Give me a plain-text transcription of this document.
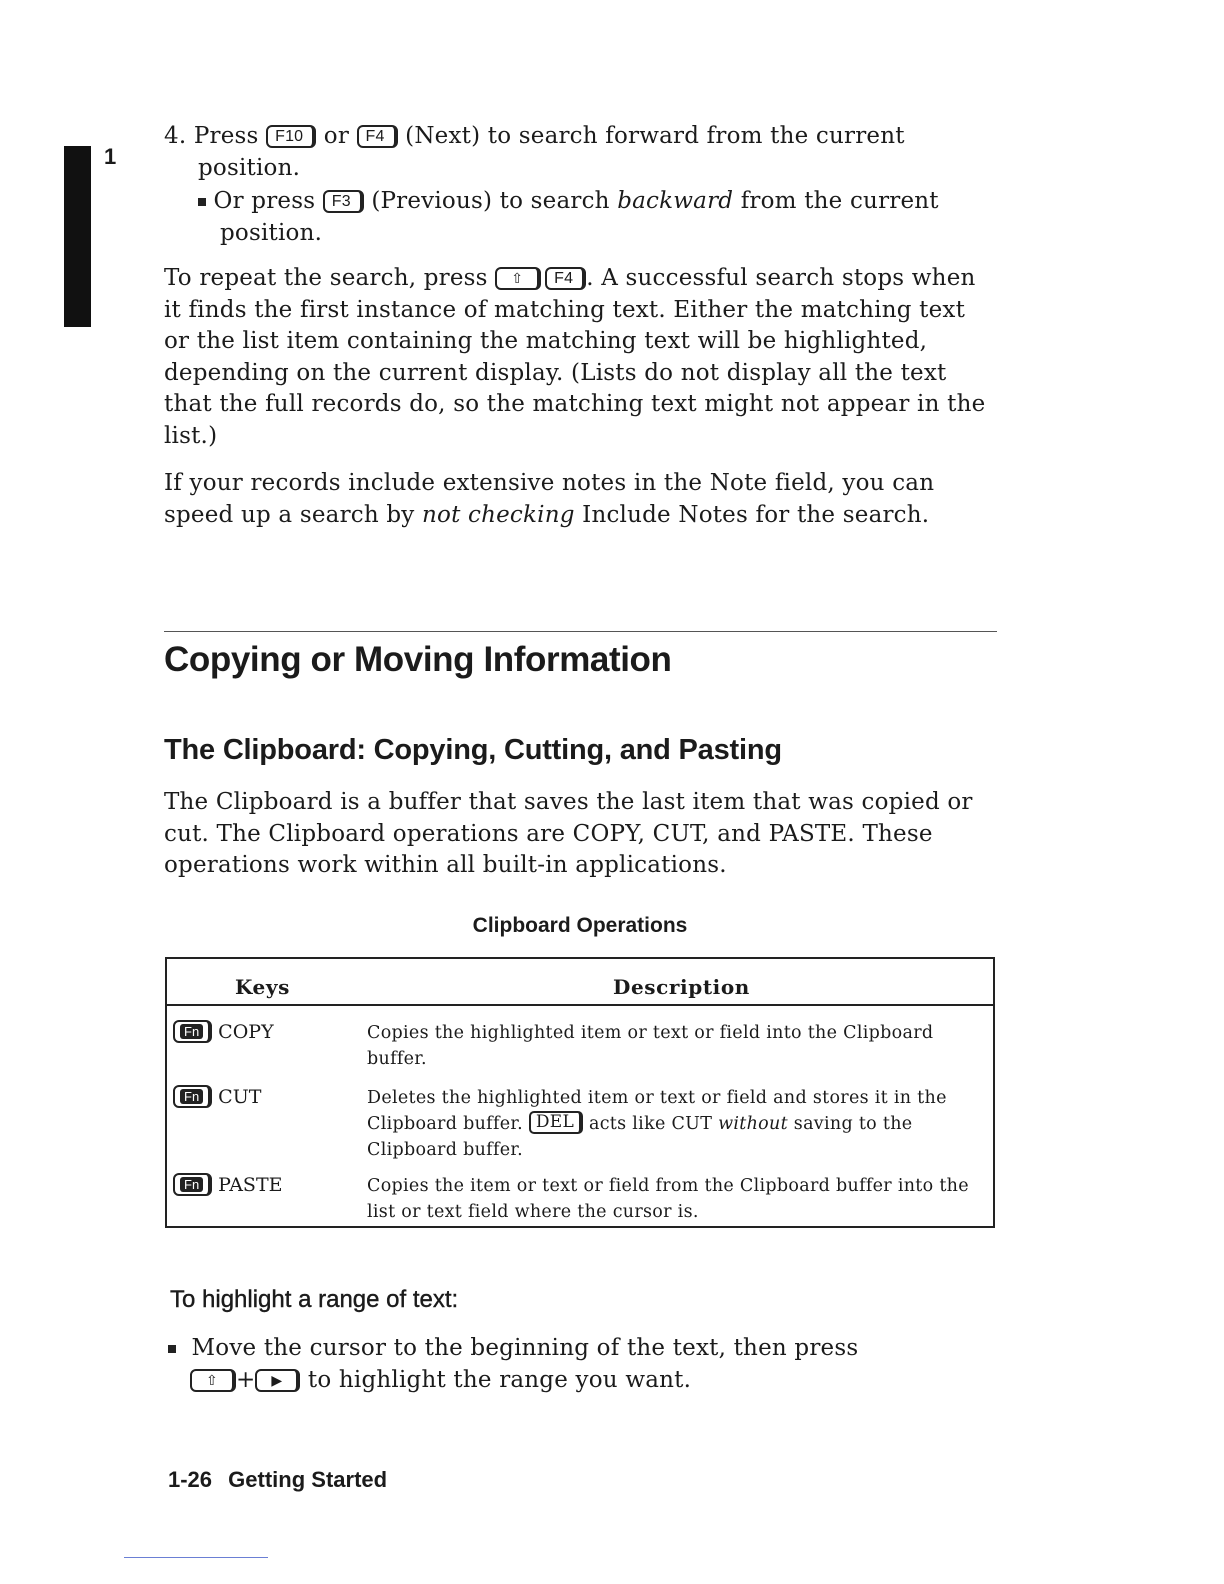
1
4. Press F10 or F4 (Next) to search forward from the current
position.
Or press F3 (Previous) to search backward from the current
position.

To repeat the search, press ⇧ F4 . A successful search stops when it finds the first instance of matching text. Either the matching text or the list item containing the matching text will be highlighted, depending on the current display. (Lists do not display all the text that the full records do, so the matching text might not appear in the list.)

If your records include extensive notes in the Note field, you can speed up a search by not checking Include Notes for the search.

Copying or Moving Information
The Clipboard: Copying, Cutting, and Pasting

The Clipboard is a buffer that saves the last item that was copied or cut. The Clipboard operations are COPY, CUT, and PASTE. These operations work within all built-in applications.

Clipboard Operations
Keys	Description
Fn COPY	Copies the highlighted item or text or field into the Clipboard buffer.

Fn CUT	Deletes the highlighted item or text or field and stores it in the Clipboard buffer. DEL acts like CUT without saving to the Clipboard buffer.

Fn PASTE	Copies the item or text or field from the Clipboard buffer into the list or text field where the cursor is.

To highlight a range of text:
Move the cursor to the beginning of the text, then press
⇧ + ▶ to highlight the range you want.
1-26 Getting Started
